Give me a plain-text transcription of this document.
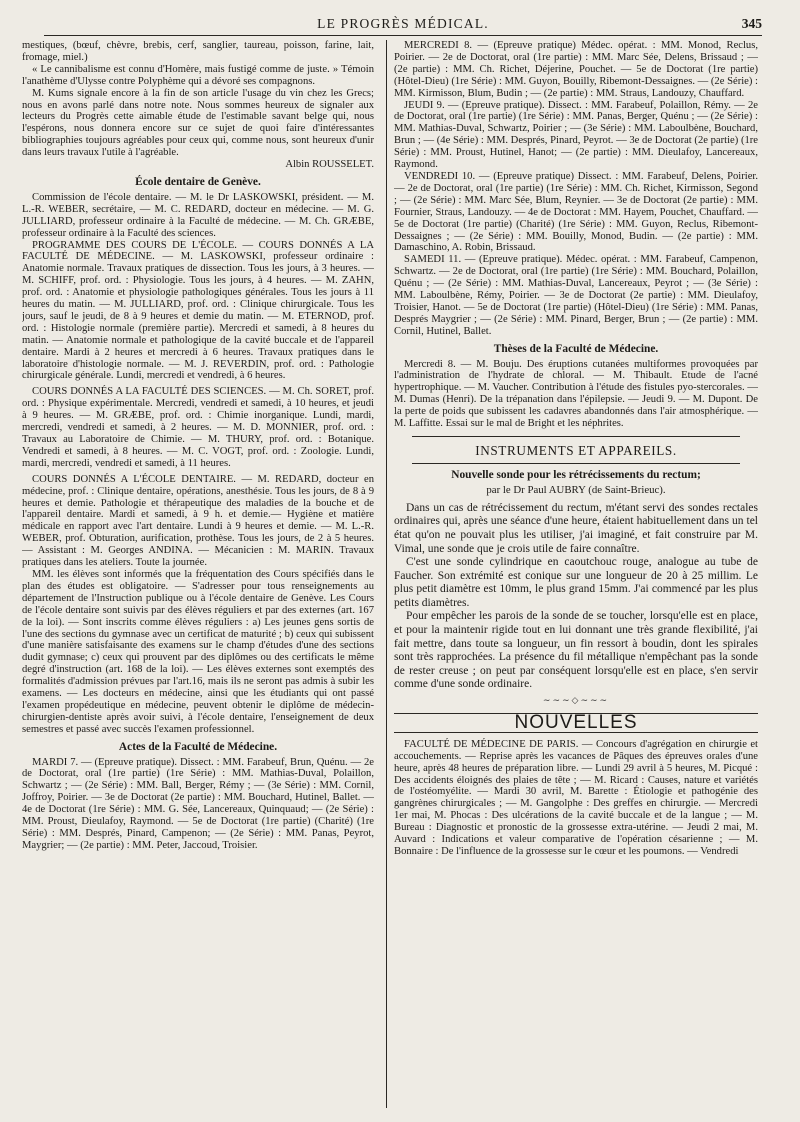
LE PROGRÈS MÉDICAL.	345

mestiques, (bœuf, chèvre, brebis, cerf, sanglier, taureau, poisson, farine, lait, fromage, miel.)

« Le cannibalisme est connu d'Homère, mais fustigé comme de juste. » Témoin l'anathème d'Ulysse contre Polyphème qui a dévoré ses compagnons.

M. Kums signale encore à la fin de son article l'usage du vin chez les Grecs; nous en avons parlé dans notre note. Nous sommes heureux de signaler aux lecteurs du Progrès cette aimable étude de l'estimable savant belge qui, nous l'espérons, nous donnera encore sur ce sujet de quoi faire d'intéressantes bibliographies toujours agréables pour ceux qui, comme nous, sont heureux d'unir dans leurs travaux l'utile à l'agréable.

Albin ROUSSELET.
École dentaire de Genève.

Commission de l'école dentaire. — M. le Dr LASKOWSKI, président. — M. L.-R. WEBER, secrétaire, — M. C. REDARD, docteur en médecine. — M. G. JULLIARD, professeur ordinaire à la Faculté de médecine. — M. Ch. GRÆBE, professeur ordinaire à la Faculté des sciences.

PROGRAMME DES COURS DE L'ÉCOLE. — COURS DONNÉS A LA FACULTÉ DE MÉDECINE. — M. LASKOWSKI, professeur ordinaire : Anatomie normale. Travaux pratiques de dissection. Tous les jours, à 3 heures. — M. SCHIFF, prof. ord. : Physiologie. Tous les jours, à 4 heures. — M. ZAHN, prof. ord. : Anatomie et physiologie pathologiques générales. Tous les jours à 11 heures du matin. — M. JULLIARD, prof. ord. : Clinique chirurgicale. Tous les jours, sauf le jeudi, de 8 à 9 heures et demie du matin. — M. ETERNOD, prof. ord. : Histologie normale (première partie). Mercredi et samedi, à 8 heures du matin. — Anatomie normale et pathologique de la cavité buccale et de l'appareil dentaire. Mardi à 2 heures et mercredi à 6 heures. Travaux pratiques dans le laboratoire d'histologie normale. — M. J. REVERDIN, prof. ord. : Pathologie chirurgicale générale. Lundi, mercredi et vendredi, à 6 heures.

COURS DONNÉS A LA FACULTÉ DES SCIENCES. — M. Ch. SORET, prof. ord. : Physique expérimentale. Mercredi, vendredi et samedi, à 10 heures, et jeudi à 9 heures. — M. GRÆBE, prof. ord. : Chimie inorganique. Lundi, mardi, mercredi, vendredi et samedi, à 2 heures. — M. D. MONNIER, prof. ord. : Travaux au Laboratoire de Chimie. — M. THURY, prof. ord. : Botanique. Vendredi et samedi, à 8 heures. — M. C. VOGT, prof. ord. : Zoologie. Lundi, mardi, mercredi, vendredi et samedi, à 11 heures.

COURS DONNÉS A L'ÉCOLE DENTAIRE. — M. REDARD, docteur en médecine, prof. : Clinique dentaire, opérations, anesthésie. Tous les jours, de 8 à 9 heures et demie. Pathologie et thérapeutique des maladies de la bouche et de l'appareil dentaire. Mardi et samedi, à 9 h. et demie.— Hygiène et matière médicale en rapport avec l'art dentaire. Lundi à 9 heures et demie. — M. L.-R. WEBER, prof. Obturation, aurification, prothèse. Tous les jours, de 2 à 5 heures. — Assistant : M. Georges ANDINA. — Mécanicien : M. MARIN. Travaux pratiques dans les ateliers. Toute la journée.

MM. les élèves sont informés que la fréquentation des Cours spécifiés dans le plan des études est obligatoire. — S'adresser pour tous renseignements au département de l'Instruction publique ou à l'école dentaire de Genève. Les Cours de l'école dentaire sont suivis par des élèves réguliers et par des externes (art. 167 de la loi). — Sont inscrits comme élèves réguliers : a) Les jeunes gens sortis de l'une des sections du gymnase avec un certificat de maturité ; b) ceux qui subissent d'une manière satisfaisante des examens sur le champ d'études d'une des sections dudit gymnase; c) ceux qui prouvent par des diplômes ou des certificats le même degré d'instruction (art. 168 de la loi). — Les élèves externes sont exemptés des formalités d'admission prévues par l'art.16, mais ils ne seront pas admis à subir les examens. — Les docteurs en médecine, ainsi que les étudiants qui ont passé l'examen propédeutique en médecine, peuvent obtenir le diplôme de médecin-chirurgien-dentiste après avoir suivi, à l'école dentaire, l'enseignement de deux semestres et passé avec succès l'examen professionnel.

Actes de la Faculté de Médecine.

MARDI 7. — (Epreuve pratique). Dissect. : MM. Farabeuf, Brun, Quénu. — 2e de Doctorat, oral (1re partie) (1re Série) : MM. Mathias-Duval, Polaillon, Schwartz ; — (2e Série) : MM. Ball, Berger, Rémy ; — (3e Série) : MM. Cornil, Joffroy, Poirier. — 3e de Doctorat (2e partie) : MM. Bouchard, Hutinel, Ballet. — 4e de Doctorat (1re Série) : MM. G. Sée, Lancereaux, Quinquaud; — (2e Série) : MM. Proust, Dieulafoy, Raymond. — 5e de Doctorat (1re partie) (Charité) (1re Série) : MM. Després, Pinard, Campenon; — (2e Série) : MM. Panas, Peyrot, Maygrier; — (2e partie) : MM. Peter, Jaccoud, Troisier.

MERCREDI 8. — (Epreuve pratique) Médec. opérat. : MM. Monod, Reclus, Poirier. — 2e de Doctorat, oral (1re partie) : MM. Marc Sée, Delens, Brissaud ; — (2e partie) : MM. Ch. Richet, Déjerine, Pouchet. — 5e de Doctorat (1re partie) (Hôtel-Dieu) (1re Série) : MM. Guyon, Bouilly, Ribemont-Dessaignes. — (2e Série) : MM. Kirmisson, Blum, Budin ; — (2e partie) : MM. Straus, Landouzy, Chauffard.

JEUDI 9. — (Epreuve pratique). Dissect. : MM. Farabeuf, Polaillon, Rémy. — 2e de Doctorat, oral (1re partie) (1re Série) : MM. Panas, Berger, Quénu ; — (2e Série) : MM. Mathias-Duval, Schwartz, Poirier ; — (3e Série) : MM. Laboulbène, Bouchard, Brun ; — (4e Série) : MM. Després, Pinard, Peyrot. — 3e de Doctorat (2e partie) (1re Série) : MM. Proust, Hutinel, Hanot; — (2e partie) : MM. Dieulafoy, Lancereaux, Raymond.

VENDREDI 10. — (Epreuve pratique) Dissect. : MM. Farabeuf, Delens, Poirier. — 2e de Doctorat, oral (1re partie) (1re Série) : MM. Ch. Richet, Kirmisson, Segond ; — (2e Série) : MM. Marc Sée, Blum, Reynier. — 3e de Doctorat (2e partie) : MM. Fournier, Straus, Landouzy. — 4e de Doctorat : MM. Hayem, Pouchet, Chauffard. — 5e de Doctorat (1re partie) (Charité) (1re Série) : MM. Guyon, Reclus, Ribemont-Dessaignes ; — (2e Série) : MM. Bouilly, Monod, Budin. — (2e partie) : MM. Damaschino, A. Robin, Brissaud.

SAMEDI 11. — (Epreuve pratique). Médec. opérat. : MM. Farabeuf, Campenon, Schwartz. — 2e de Doctorat, oral (1re partie) (1re Série) : MM. Bouchard, Polaillon, Quénu ; — (2e Série) : MM. Mathias-Duval, Lancereaux, Peyrot ; — (3e Série) : MM. Laboulbène, Rémy, Poirier. — 3e de Doctorat (2e partie) : MM. Dieulafoy, Troisier, Hanot. — 5e de Doctorat (1re partie) (Hôtel-Dieu) (1re Série) : MM. Panas, Després Maygrier ; — (2e Série) : MM. Pinard, Berger, Brun ; — (2e partie) : MM. Cornil, Hutinel, Ballet.

Thèses de la Faculté de Médecine.

Mercredi 8. — M. Bouju. Des éruptions cutanées multiformes provoquées par l'administration de l'hydrate de chloral. — M. Thibault. Etude de l'acné hypertrophique. — M. Vaucher. Contribution à l'étude des fistules pyo-stercorales. — M. Dumas (Henri). De la trépanation dans l'épilepsie. — Jeudi 9. — M. Dupont. De la perte de poids que subissent les cadavres abandonnés dans l'air atmosphérique. — M. Laffitte. Essai sur le mal de Bright et les néphrites.

INSTRUMENTS ET APPAREILS.
Nouvelle sonde pour les rétrécissements du rectum;
par le Dr Paul AUBRY (de Saint-Brieuc).

Dans un cas de rétrécissement du rectum, m'étant servi des sondes rectales ordinaires qui, après une séance d'une heure, étaient habituellement dans un tel état qu'on ne pouvait plus les utiliser, j'ai imaginé, et fait construire par M. Vimal, une sonde que je crois utile de faire connaître.

C'est une sonde cylindrique en caoutchouc rouge, analogue au tube de Faucher. Son extrémité est conique sur une longueur de 20 à 25 millim. Le plus petit diamètre est 10mm, le plus grand 15mm. J'ai commencé par les plus petits diamètres.

Pour empêcher les parois de la sonde de se toucher, lorsqu'elle est en place, et pour la maintenir rigide tout en lui donnant une très grande flexibilité, j'ai fait mettre, dans toute sa longueur, un fin ressort à boudin, dont les spirales sont très rapprochées. La présence du fil métallique n'empêchant pas la sonde de rester creuse ; on peut par conséquent lorsqu'elle est en place, s'en servir comme d'une sonde ordinaire.

∼∼∼◇∼∼∼
NOUVELLES

FACULTÉ DE MÉDECINE DE PARIS. — Concours d'agrégation en chirurgie et accouchements. — Reprise après les vacances de Pâques des épreuves orales d'une heure, après 48 heures de préparation libre. — Lundi 29 avril à 5 heures, M. Picqué : Des accidents éloignés des plaies de tête ; — M. Ricard : Causes, nature et variétés de l'ostéomyélite. — Mardi 30 avril, M. Barette : Étiologie et pathogénie des gangrènes chirurgicales ; — M. Gangolphe : Des greffes en chirurgie. — Mercredi 1er mai, M. Phocas : Des ulcérations de la cavité buccale et de la langue ; — M. Bureau : Diagnostic et pronostic de la grossesse extra-utérine. — Jeudi 2 mai, M. Auvard : Indications et valeur comparative de l'opération césarienne ; — M. Bonnaire : De l'influence de la grossesse sur le cœur et les poumons. — Vendredi
